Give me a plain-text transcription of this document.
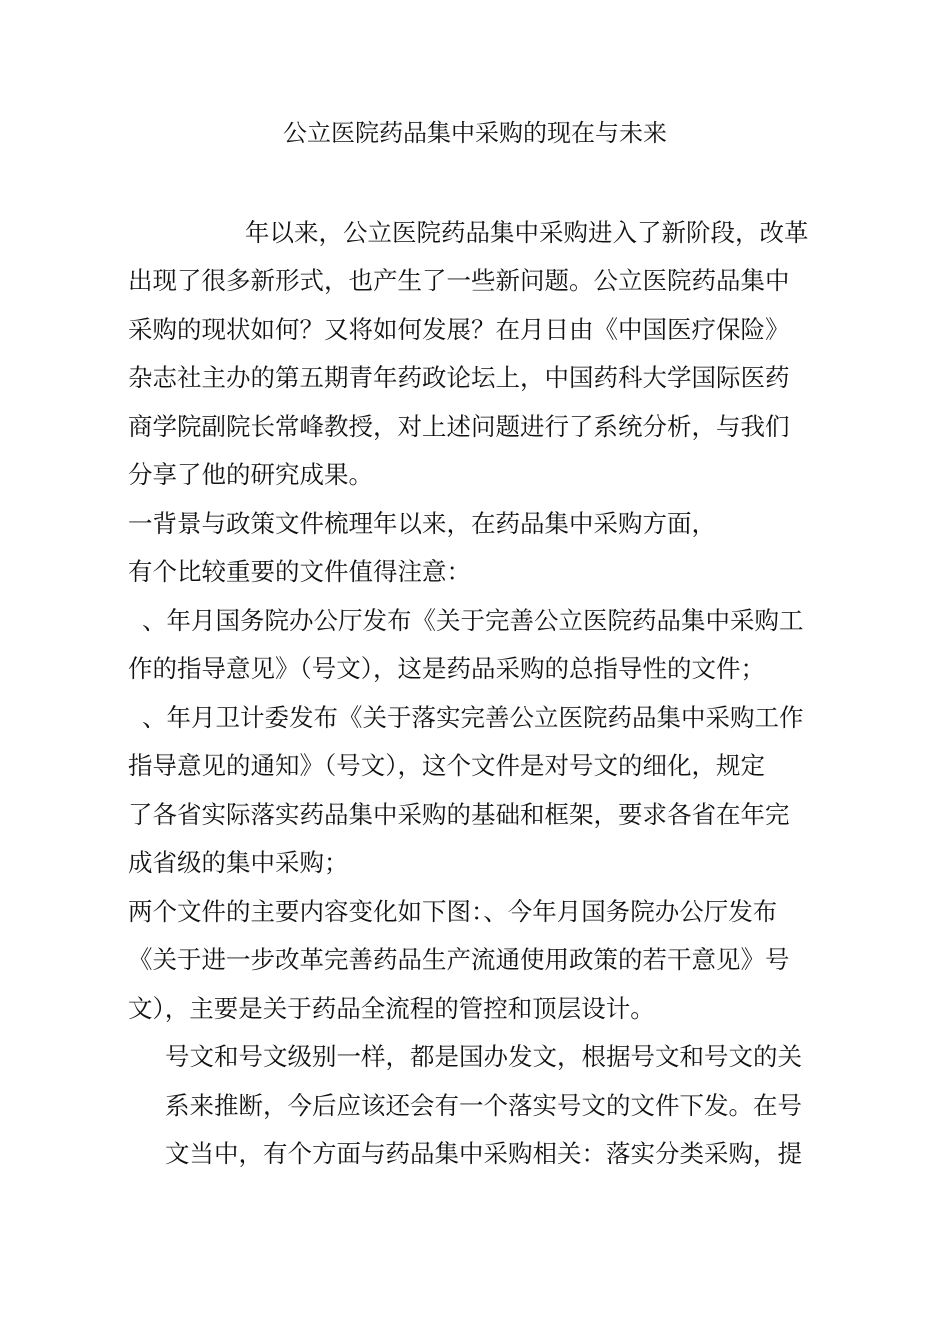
公立医院药品集中采购的现在与未来
年以来，公立医院药品集中采购进入了新阶段，改革
出现了很多新形式，也产生了一些新问题。公立医院药品集中
采购的现状如何？又将如何发展？在月日由《中国医疗保险》
杂志社主办的第五期青年药政论坛上，中国药科大学国际医药
商学院副院长常峰教授，对上述问题进行了系统分析，与我们
分享了他的研究成果。
一背景与政策文件梳理年以来，在药品集中采购方面，
有个比较重要的文件值得注意：
、年月国务院办公厅发布《关于完善公立医院药品集中采购工
作的指导意见》（号文），这是药品采购的总指导性的文件；
、年月卫计委发布《关于落实完善公立医院药品集中采购工作
指导意见的通知》（号文），这个文件是对号文的细化，规定
了各省实际落实药品集中采购的基础和框架，要求各省在年完
成省级的集中采购；
两个文件的主要内容变化如下图：、今年月国务院办公厅发布
《关于进一步改革完善药品生产流通使用政策的若干意见》号
文），主要是关于药品全流程的管控和顶层设计。
号文和号文级别一样，都是国办发文，根据号文和号文的关
系来推断，今后应该还会有一个落实号文的文件下发。在号
文当中，有个方面与药品集中采购相关：落实分类采购，提
